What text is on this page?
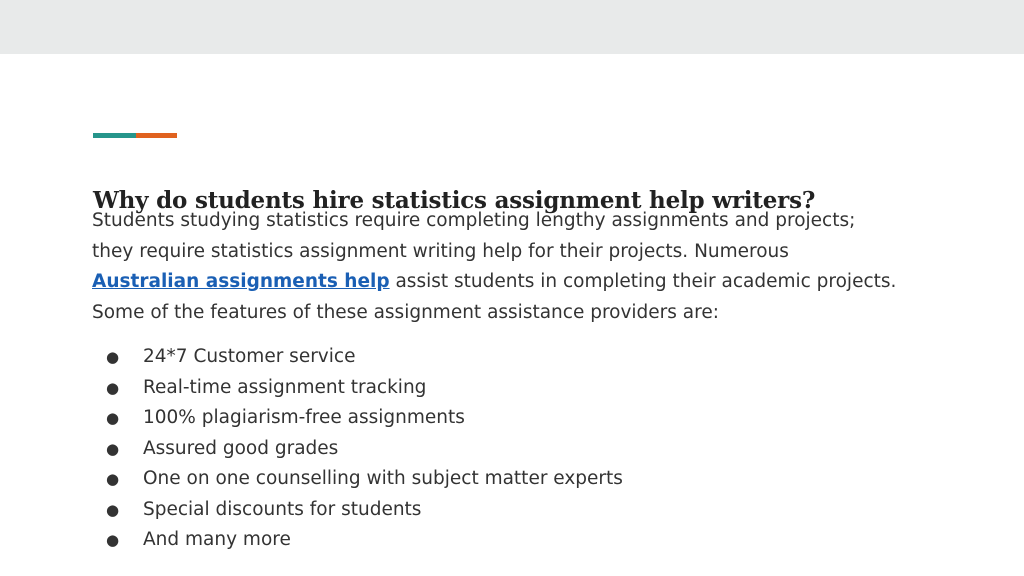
Why do students hire statistics assignment help writers?

Students studying statistics require completing lengthy assignments and projects;
they require statistics assignment writing help for their projects. Numerous
Australian assignments help assist students in completing their academic projects.
Some of the features of these assignment assistance providers are:

●	24*7 Customer service
●	Real-time assignment tracking
●	100% plagiarism-free assignments
●	Assured good grades
●	One on one counselling with subject matter experts
●	Special discounts for students
●	And many more
